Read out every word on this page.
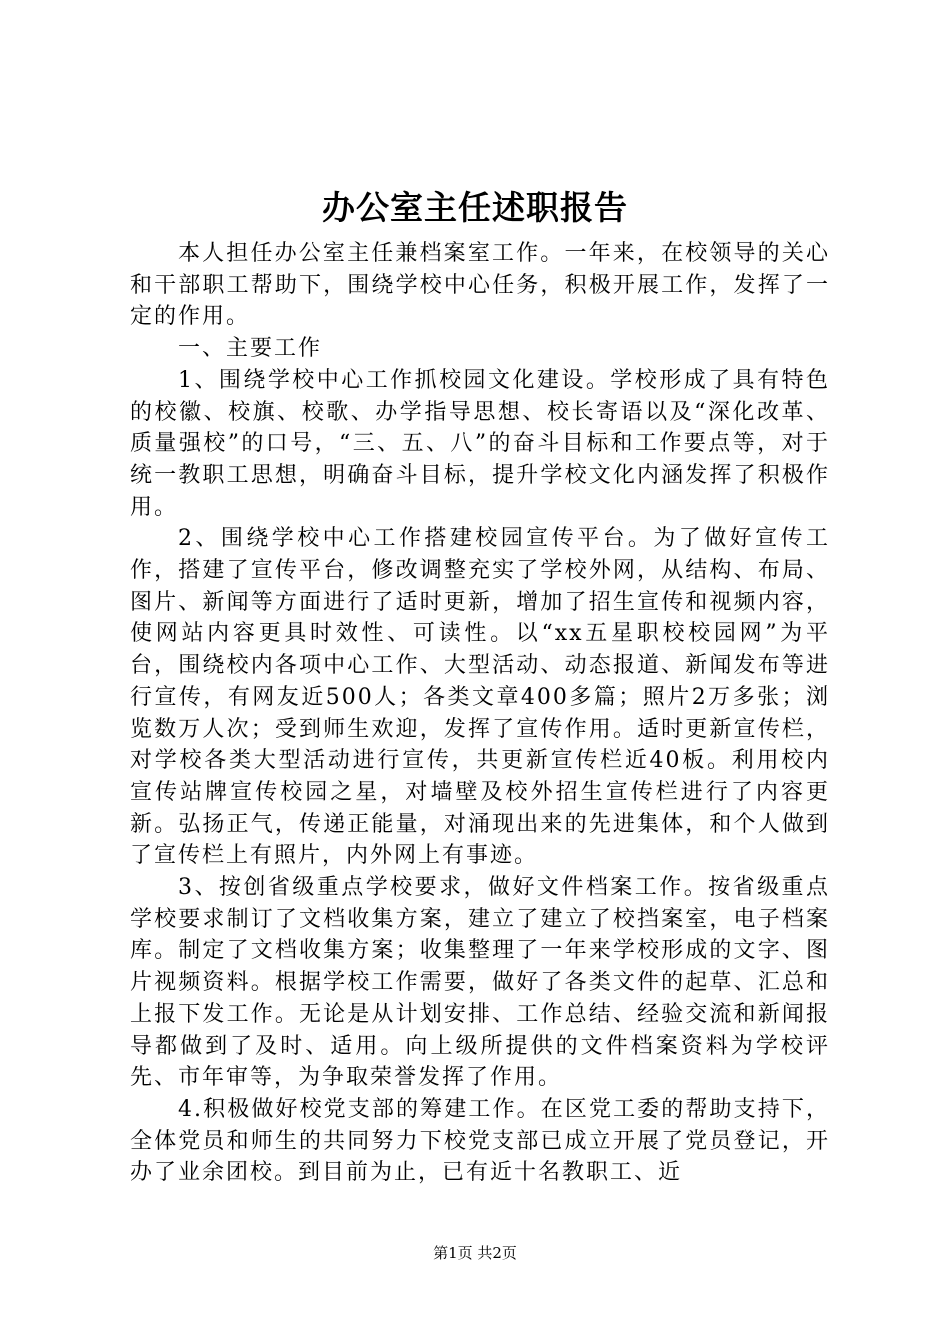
办公室主任述职报告

本人担任办公室主任兼档案室工作。一年来，在校领导的关心和干部职工帮助下，围绕学校中心任务，积极开展工作，发挥了一定的作用。

一、主要工作

1、围绕学校中心工作抓校园文化建设。学校形成了具有特色的校徽、校旗、校歌、办学指导思想、校长寄语以及“深化改革、质量强校”的口号，“三、五、八”的奋斗目标和工作要点等，对于统一教职工思想，明确奋斗目标，提升学校文化内涵发挥了积极作用。

2、围绕学校中心工作搭建校园宣传平台。为了做好宣传工作，搭建了宣传平台，修改调整充实了学校外网，从结构、布局、图片、新闻等方面进行了适时更新，增加了招生宣传和视频内容，使网站内容更具时效性、可读性。以“xx五星职校校园网”为平台，围绕校内各项中心工作、大型活动、动态报道、新闻发布等进行宣传，有网友近500人；各类文章400多篇；照片2万多张；浏览数万人次；受到师生欢迎，发挥了宣传作用。适时更新宣传栏，对学校各类大型活动进行宣传，共更新宣传栏近40板。利用校内宣传站牌宣传校园之星，对墙壁及校外招生宣传栏进行了内容更新。弘扬正气，传递正能量，对涌现出来的先进集体，和个人做到了宣传栏上有照片，内外网上有事迹。

3、按创省级重点学校要求，做好文件档案工作。按省级重点学校要求制订了文档收集方案，建立了建立了校挡案室，电子档案库。制定了文档收集方案；收集整理了一年来学校形成的文字、图片视频资料。根据学校工作需要，做好了各类文件的起草、汇总和上报下发工作。无论是从计划安排、工作总结、经验交流和新闻报导都做到了及时、适用。向上级所提供的文件档案资料为学校评先、市年审等，为争取荣誉发挥了作用。

4.积极做好校党支部的筹建工作。在区党工委的帮助支持下，全体党员和师生的共同努力下校党支部已成立开展了党员登记，开办了业余团校。到目前为止，已有近十名教职工、近

第1页 共2页
